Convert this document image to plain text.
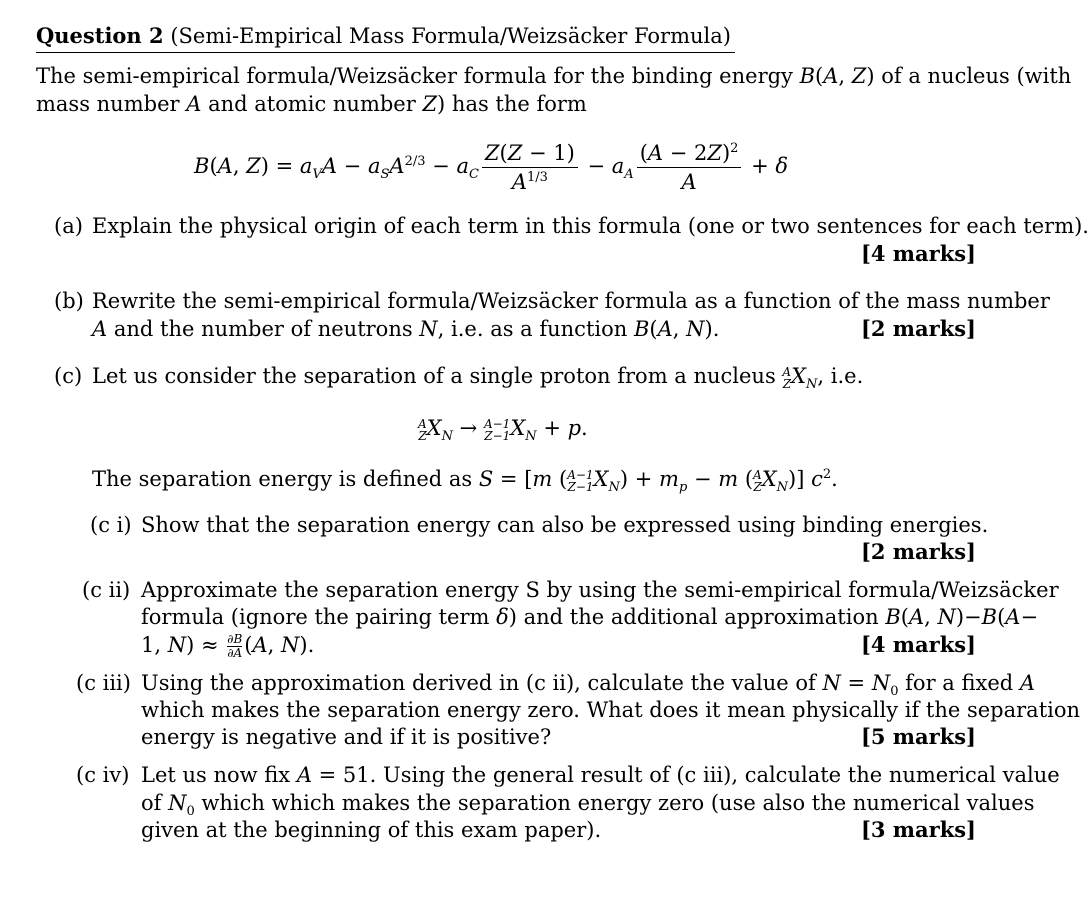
Question 2 (Semi-Empirical Mass Formula/Weizsäcker Formula)
The semi-empirical formula/Weizsäcker formula for the binding energy B(A, Z) of a nucleus (with
mass number A and atomic number Z) has the form
B(A, $Z) = a_VA - a_SA^{2/3} - a_C \frac{Z(Z - 1)}{A^{1/3}} - a_A \frac{(A - 2Z)^2}{A} + \delta$
(a) Explain the physical origin of each term in this formula (one or two sentences for each term).
[4 marks]
(b) Rewrite the semi-empirical formula/Weizsäcker formula as a function of the mass number
A and the number of neutrons N, i.e. as a function B(A, N).	[2 marks]
(c) Let us consider the separation of a single proton from a nucleus A
Z $X_N$, i.e.
A
Z $X_N \to A-1$
Z−1 $X_N + p$.
The separation energy is defined as S = [m ( A−1
Z−1 $X_N) + m_p - m$ ( A
Z $X_N$)] $c^2$.
(c i) Show that the separation energy can also be expressed using binding energies.
[2 marks]
(c ii) Approximate the separation energy S by using the semi-empirical formula/Weizsäcker
formula (ignore the pairing term δ) and the additional approximation B(A, N)−B(A−
1, $N) \approx \frac{\partial B}{\partial A} (A$, N).	[4 marks]
(c iii) Using the approximation derived in (c ii), calculate the value of $N = N_0$ for a fixed A
which makes the separation energy zero. What does it mean physically if the separation
energy is negative and if it is positive?	[5 marks]
(c iv) Let us now fix A = 51. Using the general result of (c iii), calculate the numerical value
of $N_0$ which which makes the separation energy zero (use also the numerical values
given at the beginning of this exam paper).	[3 marks]
